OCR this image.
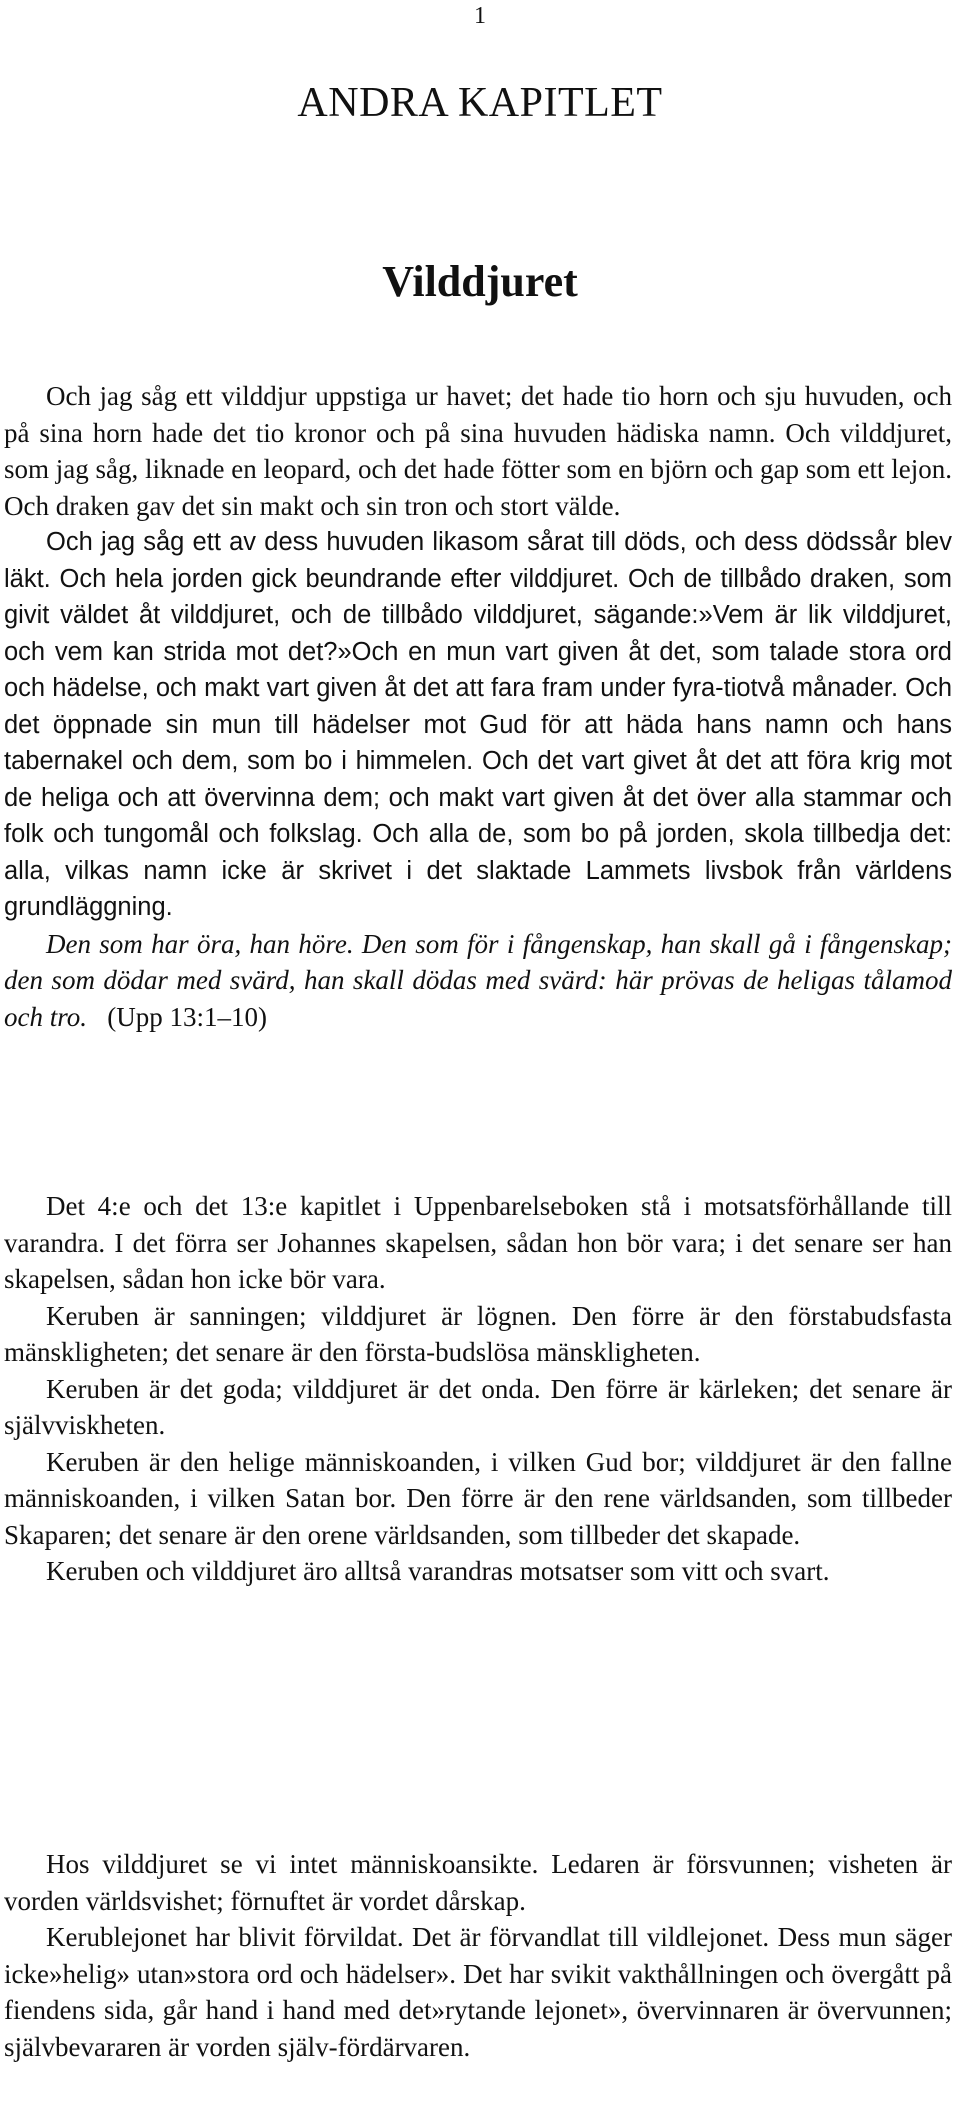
1
ANDRA KAPITLET
Vilddjuret

Och jag såg ett vilddjur uppstiga ur havet; det hade tio horn och sju huvuden, och på sina horn hade det tio kronor och på sina huvuden hädiska namn. Och vilddjuret, som jag såg, liknade en leopard, och det hade fötter som en björn och gap som ett lejon. Och draken gav det sin makt och sin tron och stort välde.

Och jag såg ett av dess huvuden likasom sårat till döds, och dess dödssår blev läkt. Och hela jorden gick beundrande efter vilddjuret. Och de tillbådo draken, som givit väldet åt vilddjuret, och de tillbådo vilddjuret, sägande:»Vem är lik vilddjuret, och vem kan strida mot det?»Och en mun vart given åt det, som talade stora ord och hädelse, och makt vart given åt det att fara fram under fyra-tiotvå månader. Och det öppnade sin mun till hädelser mot Gud för att häda hans namn och hans tabernakel och dem, som bo i himmelen. Och det vart givet åt det att föra krig mot de heliga och att övervinna dem; och makt vart given åt det över alla stammar och folk och tungomål och folkslag. Och alla de, som bo på jorden, skola tillbedja det: alla, vilkas namn icke är skrivet i det slaktade Lammets livsbok från världens grundläggning.

Den som har öra, han höre. Den som för i fångenskap, han skall gå i fångenskap; den som dödar med svärd, han skall dödas med svärd: här prövas de heligas tålamod och tro. (Upp 13:1–10)

Det 4:e och det 13:e kapitlet i Uppenbarelseboken stå i motsatsförhållande till varandra. I det förra ser Johannes skapelsen, sådan hon bör vara; i det senare ser han skapelsen, sådan hon icke bör vara.

Keruben är sanningen; vilddjuret är lögnen. Den förre är den förstabudsfasta mänskligheten; det senare är den första-budslösa mänskligheten.

Keruben är det goda; vilddjuret är det onda. Den förre är kärleken; det senare är självviskheten.

Keruben är den helige människoanden, i vilken Gud bor; vilddjuret är den fallne människoanden, i vilken Satan bor. Den förre är den rene världsanden, som tillbeder Skaparen; det senare är den orene världsanden, som tillbeder det skapade.

Keruben och vilddjuret äro alltså varandras motsatser som vitt och svart.

Hos vilddjuret se vi intet människoansikte. Ledaren är försvunnen; visheten är vorden världsvishet; förnuftet är vordet dårskap.

Kerublejonet har blivit förvildat. Det är förvandlat till vildlejonet. Dess mun säger icke»helig» utan»stora ord och hädelser». Det har svikit vakthållningen och övergått på fiendens sida, går hand i hand med det»rytande lejonet», övervinnaren är övervunnen; självbevararen är vorden själv-fördärvaren.
